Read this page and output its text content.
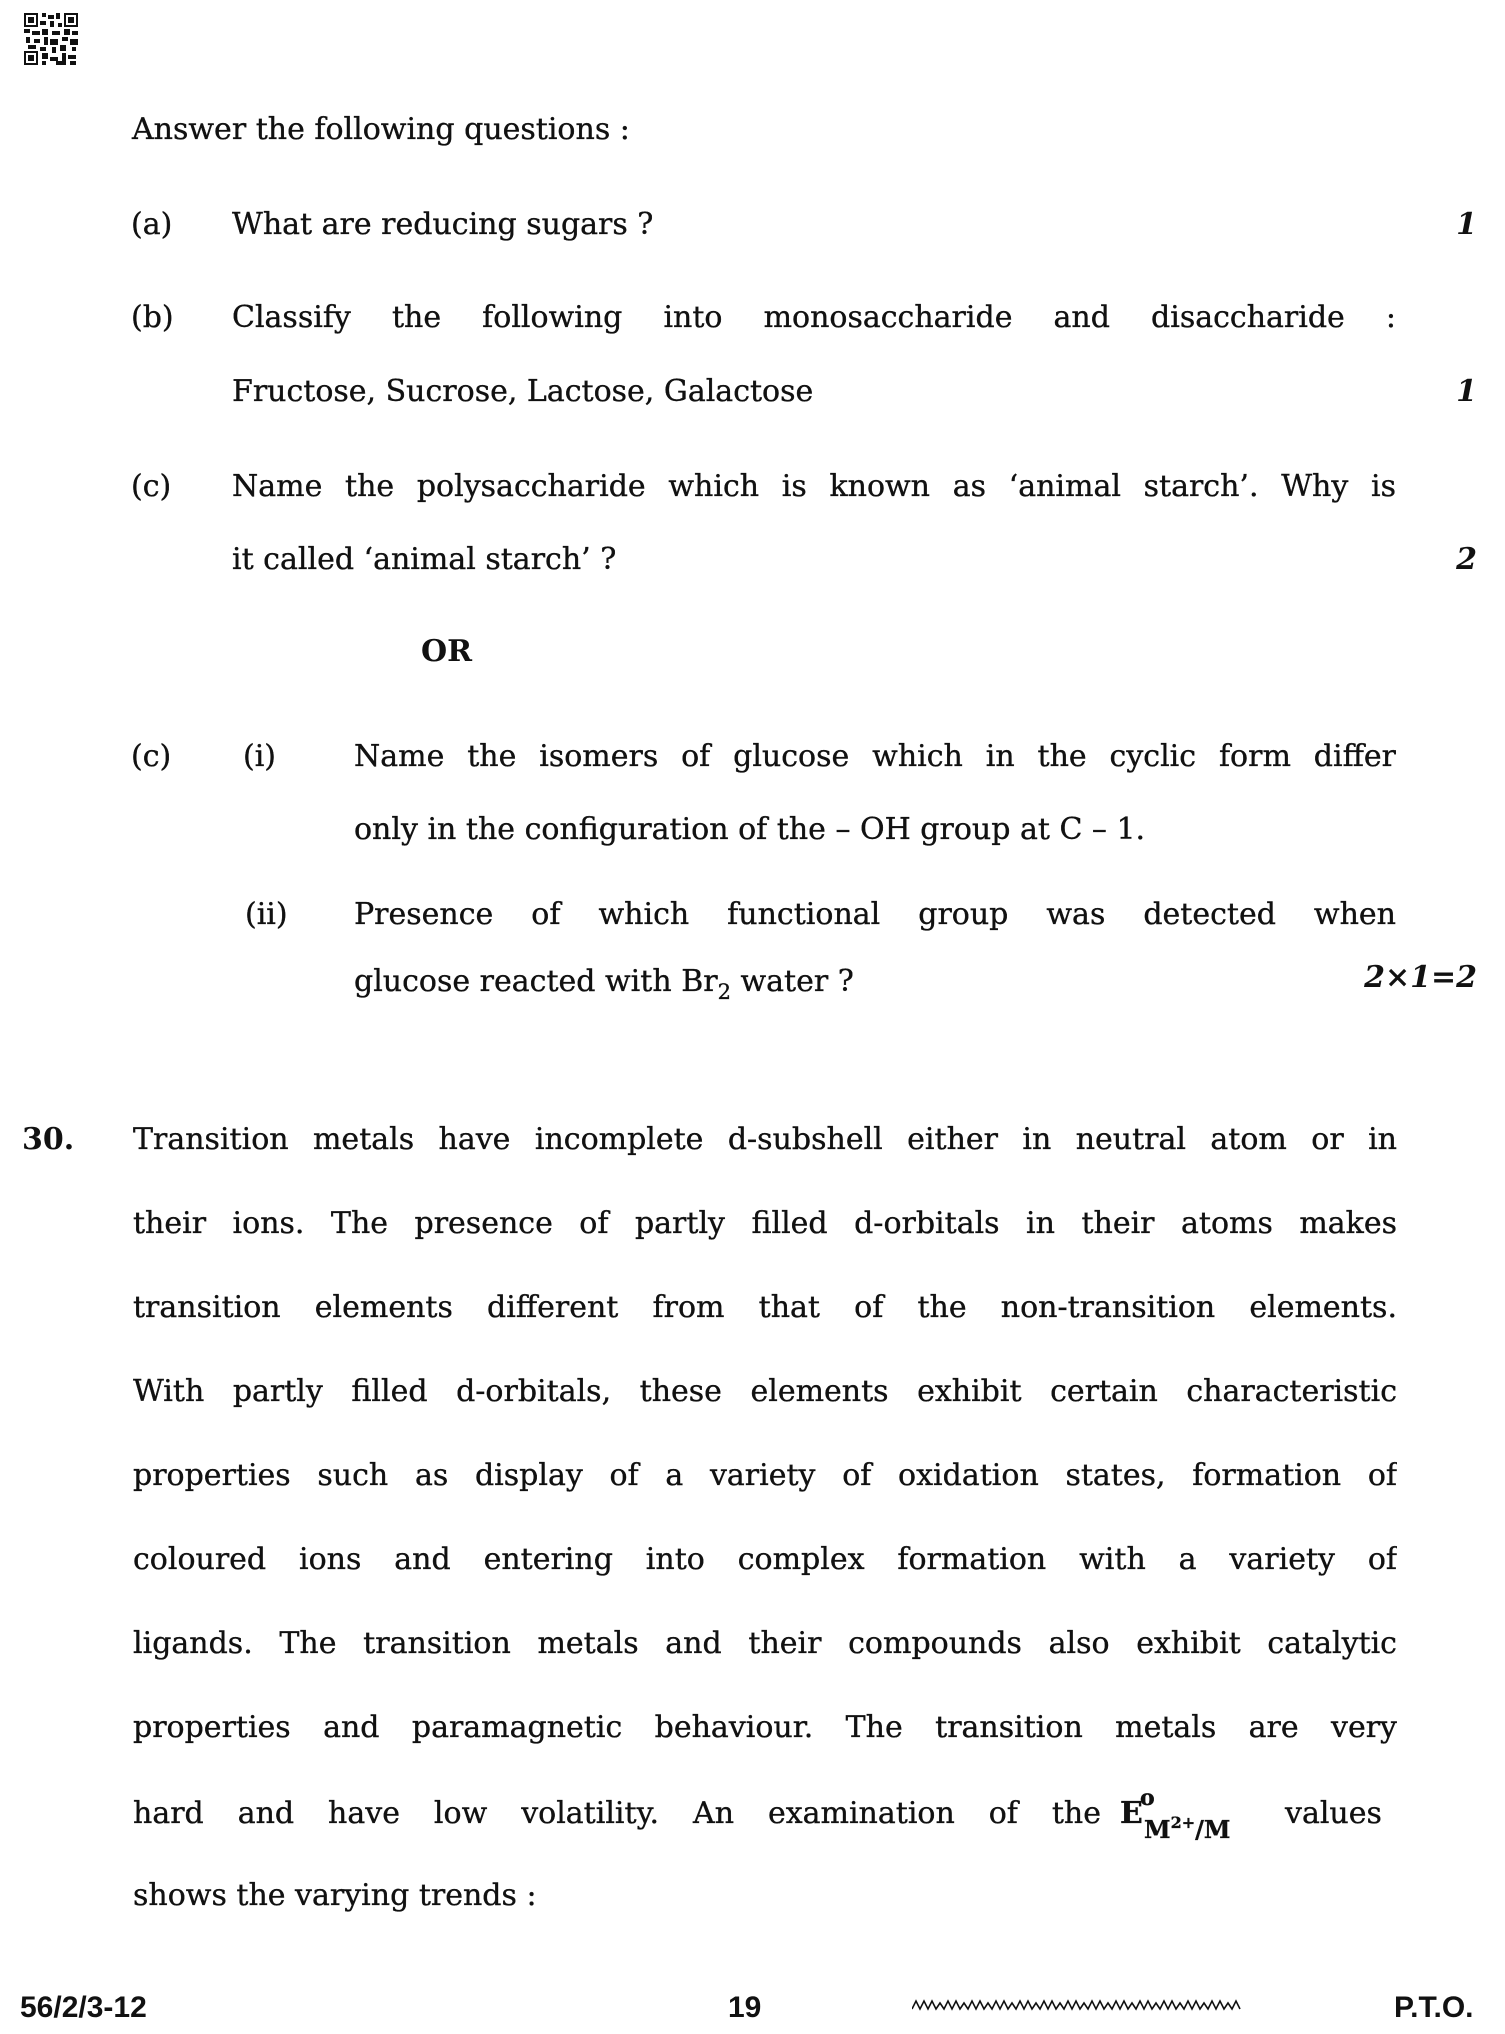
Answer the following questions :
(a) What are reducing sugars ?	1
(b) Classify the following into monosaccharide and disaccharide :
Fructose, Sucrose, Lactose, Galactose	1
(c) Name the polysaccharide which is known as ‘animal starch’. Why is
it called ‘animal starch’ ?	2
OR
(c) (i)	Name the isomers of glucose which in the cyclic form differ
only in the configuration of the – OH group at C – 1.
(ii) Presence of which functional group was detected when
glucose reacted with $Br_2$ water ?	2×1=2
30. Transition metals have incomplete d-subshell either in neutral atom or in
their ions. The presence of partly filled d-orbitals in their atoms makes
transition elements different from that of the non-transition elements.
With partly filled d-orbitals, these elements exhibit certain characteristic
properties such as display of a variety of oxidation states, formation of
coloured ions and entering into complex formation with a variety of
ligands. The transition metals and their compounds also exhibit catalytic
properties and paramagnetic behaviour. The transition metals are very
hard and have low volatility. An examination of the E
o
$M^{2+}/M$ values
shows the varying trends :
56/2/3-12	19	P.T.O.
